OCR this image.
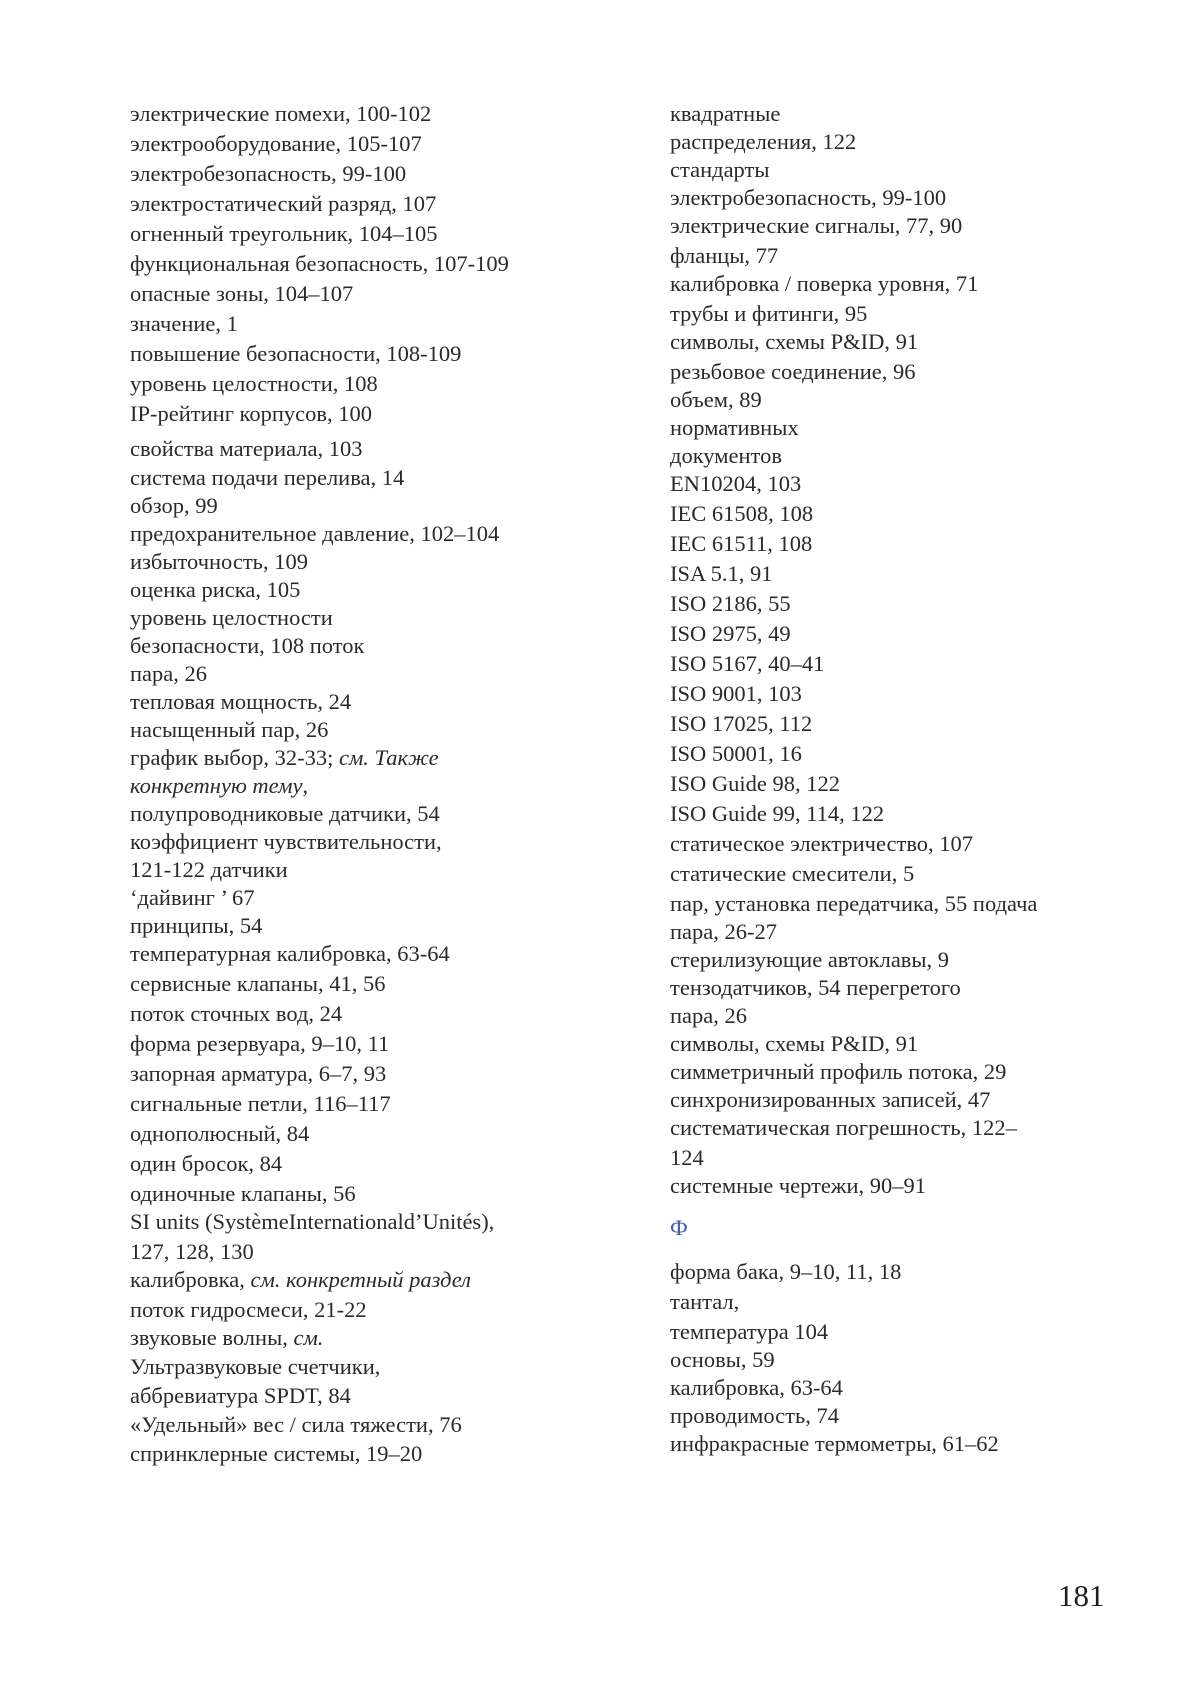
электрические помехи, 100-102
электрооборудование, 105-107
электробезопасность, 99-100
электростатический разряд, 107
огненный треугольник, 104–105
функциональная безопасность, 107-109
опасные зоны, 104–107
значение, 1
повышение безопасности, 108-109
уровень целостности, 108
IP-рейтинг корпусов, 100
свойства материала, 103
система подачи перелива, 14
обзор, 99
предохранительное давление, 102–104
избыточность, 109
оценка риска, 105
уровень целостности
безопасности, 108 поток
пара, 26
тепловая мощность, 24
насыщенный пар, 26
график выбор, 32-33; см. Также
конкретную тему,
полупроводниковые датчики, 54
коэффициент чувствительности,
121-122 датчики
‘дайвинг ’ 67
принципы, 54
температурная калибровка, 63-64
сервисные клапаны, 41, 56
поток сточных вод, 24
форма резервуара, 9–10, 11
запорная арматура, 6–7, 93
сигнальные петли, 116–117
однополюсный, 84
один бросок, 84
одиночные клапаны, 56
SI units (SystèmeInternationald’Unités),
127, 128, 130
калибровка, см. конкретный раздел
поток гидросмеси, 21-22
звуковые волны, см.
Ультразвуковые счетчики,
аббревиатура SPDT, 84
«Удельный» вес / сила тяжести, 76
спринклерные системы, 19–20
квадратные
распределения, 122
стандарты
электробезопасность, 99-100
электрические сигналы, 77, 90
фланцы, 77
калибровка / поверка уровня, 71
трубы и фитинги, 95
символы, схемы P&ID, 91
резьбовое соединение, 96
объем, 89
нормативных
документов
EN10204, 103
IEC 61508, 108
IEC 61511, 108
ISA 5.1, 91
ISO 2186, 55
ISO 2975, 49
ISO 5167, 40–41
ISO 9001, 103
ISO 17025, 112
ISO 50001, 16
ISO Guide 98, 122
ISO Guide 99, 114, 122
статическое электричество, 107
статические смесители, 5
пар, установка передатчика, 55 подача
пара, 26-27
стерилизующие автоклавы, 9
тензодатчиков, 54 перегретого
пара, 26
символы, схемы P&ID, 91
симметричный профиль потока, 29
синхронизированных записей, 47
систематическая погрешность, 122–
124
системные чертежи, 90–91
Ф
форма бака, 9–10, 11, 18
тантал,
температура 104
основы, 59
калибровка, 63-64
проводимость, 74
инфракрасные термометры, 61–62
181
